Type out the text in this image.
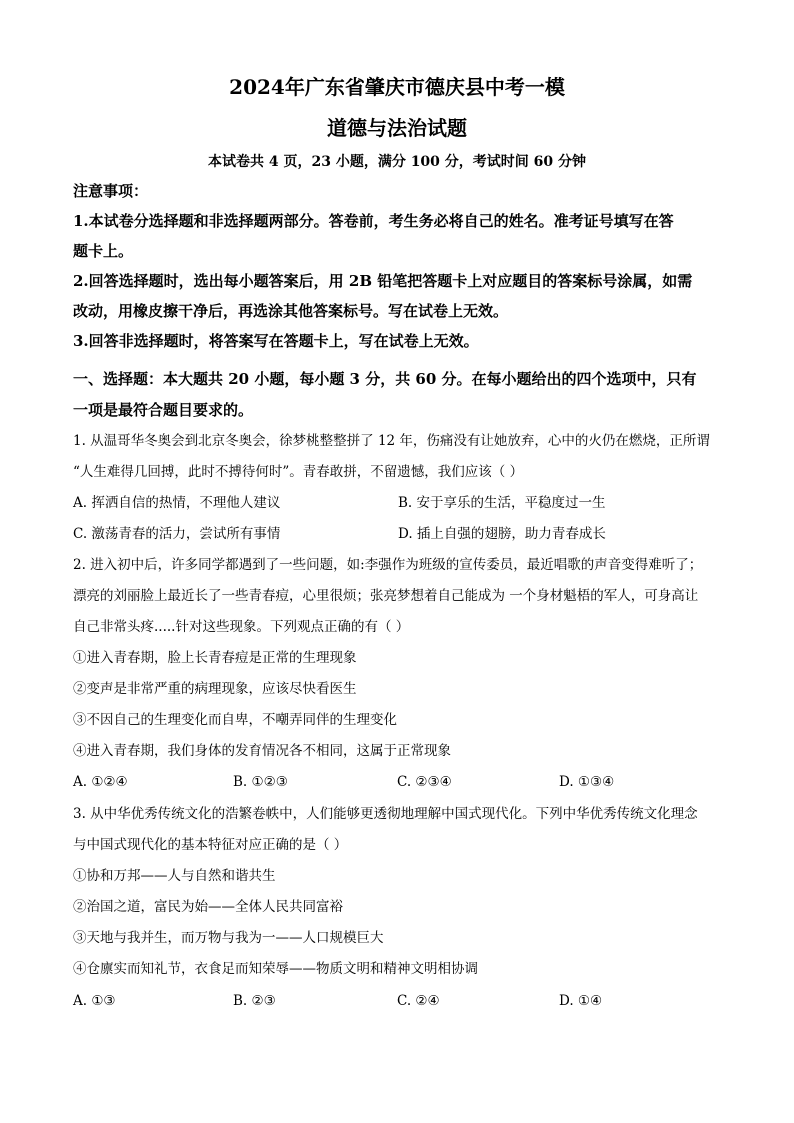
2024年广东省肇庆市德庆县中考一模
道德与法治试题
本试卷共 4 页，23 小题，满分 100 分，考试时间 60 分钟
注意事项：
1.本试卷分选择题和非选择题两部分。答卷前，考生务必将自己的姓名。准考证号填写在答
题卡上。
2.回答选择题时，选出每小题答案后，用 2B 铅笔把答题卡上对应题目的答案标号涂属，如需
改动，用橡皮擦干净后，再选涂其他答案标号。写在试卷上无效。
3.回答非选择题时，将答案写在答题卡上，写在试卷上无效。
一、选择题：本大题共 20 小题，每小题 3 分，共 60 分。在每小题给出的四个选项中，只有
一项是最符合题目要求的。
1. 从温哥华冬奥会到北京冬奥会，徐梦桃整整拼了 12 年，伤痛没有让她放弃，心中的火仍在燃烧，正所谓
“人生难得几回搏，此时不搏待何时”。青春敢拼，不留遗憾，我们应该（ ）
A. 挥洒自信的热情，不理他人建议	B. 安于享乐的生活，平稳度过一生
C. 激荡青春的活力，尝试所有事情	D. 插上自强的翅膀，助力青春成长
2. 进入初中后，许多同学都遇到了一些问题，如:李强作为班级的宣传委员，最近唱歌的声音变得难听了；
漂亮的刘丽脸上最近长了一些青春痘，心里很烦；张亮梦想着自己能成为 一个身材魁梧的军人，可身高让
自己非常头疼.....针对这些现象。下列观点正确的有（ ）
①进入青春期，脸上长青春痘是正常的生理现象
②变声是非常严重的病理现象，应该尽快看医生
③不因自己的生理变化而自卑，不嘲弄同伴的生理变化
④进入青春期，我们身体的发育情况各不相同，这属于正常现象
A. ①②④	B. ①②③	C. ②③④	D. ①③④
3. 从中华优秀传统文化的浩繁卷帙中，人们能够更透彻地理解中国式现代化。下列中华优秀传统文化理念
与中国式现代化的基本特征对应正确的是（ ）
①协和万邦——人与自然和谐共生
②治国之道，富民为始——全体人民共同富裕
③天地与我并生，而万物与我为一——人口规模巨大
④仓廪实而知礼节，衣食足而知荣辱——物质文明和精神文明相协调
A. ①③	B. ②③	C. ②④	D. ①④
